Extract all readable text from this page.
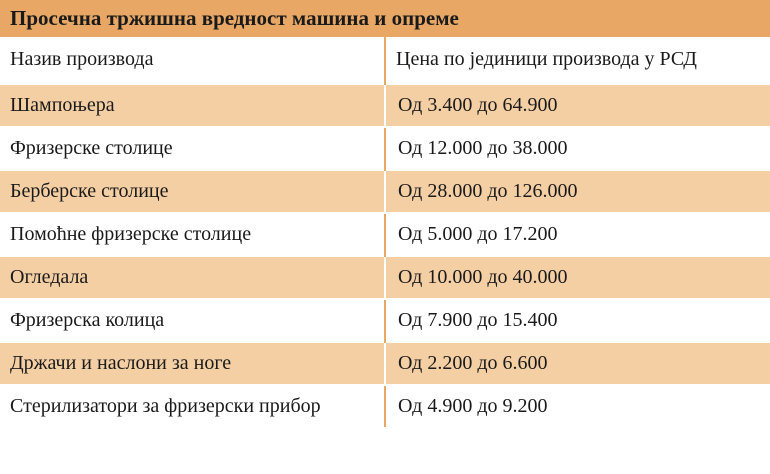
Просечна тржишна вредност машина и опреме	
Назив производа	Цена по јединици производа у РСД
Шампоњера	Од 3.400 до 64.900
Фризерске столице	Од 12.000 до 38.000
Берберске столице	Од 28.000 до 126.000
Помоћне фризерске столице	Од 5.000 до 17.200
Огледала	Од 10.000 до 40.000
Фризерска колица	Од 7.900 до 15.400
Држачи и наслони за ноге	Од 2.200 до 6.600
Стерилизатори за фризерски прибор	Од 4.900 до 9.200
